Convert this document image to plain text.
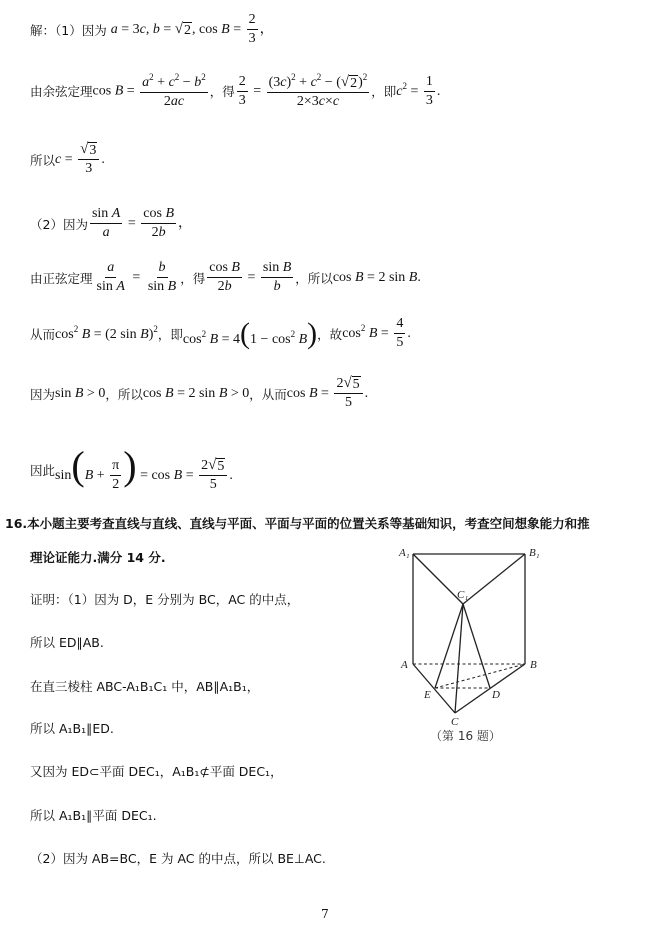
解：（1）因为 a = 3c, b = √ 2 , $\cos B = \frac{2}{3}$ ，
由余弦定理 $\cos B = \frac{a^2 + c^2 - b^2}{2ac}$ ，得 $\frac{2}{3} = \frac{(3c)^2 + c^2 - ( √ 2 )^2}{2\times 3c\times c}$ ，即 $c^2 = \frac{1}{3}$ .
所以 $c = \frac{√ 3}{3}$ .
（2）因为 $\frac{\text{sin A}}{a} = \frac{\text{cos B}}{2b}$ ，
由正弦定理 $\frac{a}{\text{sin A}} = \frac{b}{\text{sin B}}$ ，得 $\frac{\text{cos B}}{2b} = \frac{\text{sin B}}{b}$ ，所以 cos B = 2 sin B.
从而 $\cos^2 B = (2$ sin B)$^2$ ，即 $\cos^2 B = 4(1 - \cos^2 B)$ ，故 $\cos^2 B = \frac{4}{5}$ .
因为 sin B > 0 ，所以 cos B = 2 sin B > 0 ，从而 $\cos B = \frac{2 √ 5}{5}$ .
因此 $\sin(B + \frac{\pi}{2}$ ) = $\cos B = \frac{2 √ 5}{5}$ .
16.本小题主要考查直线与直线、直线与平面、平面与平面的位置关系等基础知识，考查空间想象能力和推
理论证能力.满分 14 分.
证明：（1）因为 D，E 分别为 BC，AC 的中点，
所以 ED∥AB.
在直三棱柱 ABC-A₁B₁C₁ 中，AB∥A₁B₁，
所以 A₁B₁∥ED.
又因为 ED⊂平面 DEC₁，A₁B₁⊄平面 DEC₁，
所以 A₁B₁∥平面 DEC₁.
（2）因为 AB=BC，E 为 AC 的中点，所以 BE⊥AC.
A₁	B₁
C₁
A	B
C
D
E
（第 16 题）
7
